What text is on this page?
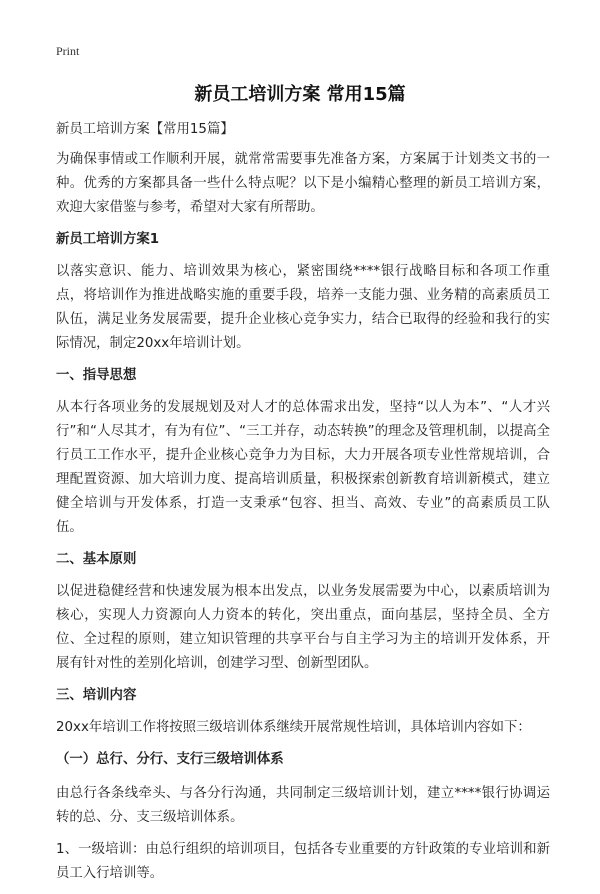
Print
新员工培训方案 常用15篇

新员工培训方案【常用15篇】

为确保事情或工作顺利开展，就常常需要事先准备方案，方案属于计划类文书的一种。优秀的方案都具备一些什么特点呢？以下是小编精心整理的新员工培训方案，欢迎大家借鉴与参考，希望对大家有所帮助。

新员工培训方案1

以落实意识、能力、培训效果为核心，紧密围绕****银行战略目标和各项工作重点，将培训作为推进战略实施的重要手段，培养一支能力强、业务精的高素质员工队伍，满足业务发展需要，提升企业核心竞争实力，结合已取得的经验和我行的实际情况，制定20xx年培训计划。

一、指导思想

从本行各项业务的发展规划及对人才的总体需求出发，坚持“以人为本”、“人才兴行”和“人尽其才，有为有位”、“三工并存，动态转换”的理念及管理机制，以提高全行员工工作水平，提升企业核心竞争力为目标，大力开展各项专业性常规培训，合理配置资源、加大培训力度、提高培训质量，积极探索创新教育培训新模式，建立健全培训与开发体系，打造一支秉承“包容、担当、高效、专业”的高素质员工队伍。

二、基本原则

以促进稳健经营和快速发展为根本出发点，以业务发展需要为中心，以素质培训为核心，实现人力资源向人力资本的转化，突出重点，面向基层，坚持全员、全方位、全过程的原则，建立知识管理的共享平台与自主学习为主的培训开发体系，开展有针对性的差别化培训，创建学习型、创新型团队。

三、培训内容

20xx年培训工作将按照三级培训体系继续开展常规性培训，具体培训内容如下：

（一）总行、分行、支行三级培训体系

由总行各条线牵头、与各分行沟通，共同制定三级培训计划，建立****银行协调运转的总、分、支三级培训体系。

1、一级培训：由总行组织的培训项目，包括各专业重要的方针政策的专业培训和新员工入行培训等。
